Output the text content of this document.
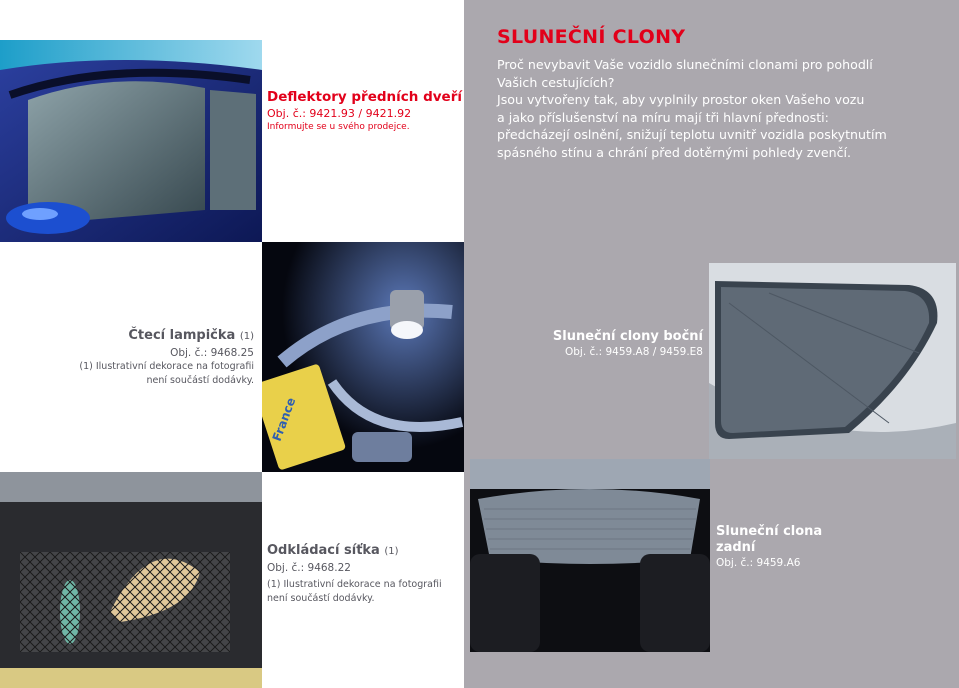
France
SLUNEČNÍ CLONY

Proč nevybavit Vaše vozidlo slunečními clonami pro pohodlí

Vašich cestujících?

Jsou vytvořeny tak, aby vyplnily prostor oken Vašeho vozu

a jako příslušenství na míru mají tři hlavní přednosti:

předcházejí oslnění, snižují teplotu uvnitř vozidla poskytnutím

spásného stínu a chrání před dotěrnými pohledy zvenčí.

Deflektory předních dveří

Obj. č.: 9421.93 / 9421.92

Informujte se u svého prodejce.

Čtecí lampička (1)

Obj. č.: 9468.25

(1) Ilustrativní dekorace na fotografii

není součástí dodávky.

Sluneční clony boční

Obj. č.: 9459.A8 / 9459.E8

Odkládací síťka (1)

Obj. č.: 9468.22

(1) Ilustrativní dekorace na fotografii

není součástí dodávky.

Sluneční clona

zadní

Obj. č.: 9459.A6
